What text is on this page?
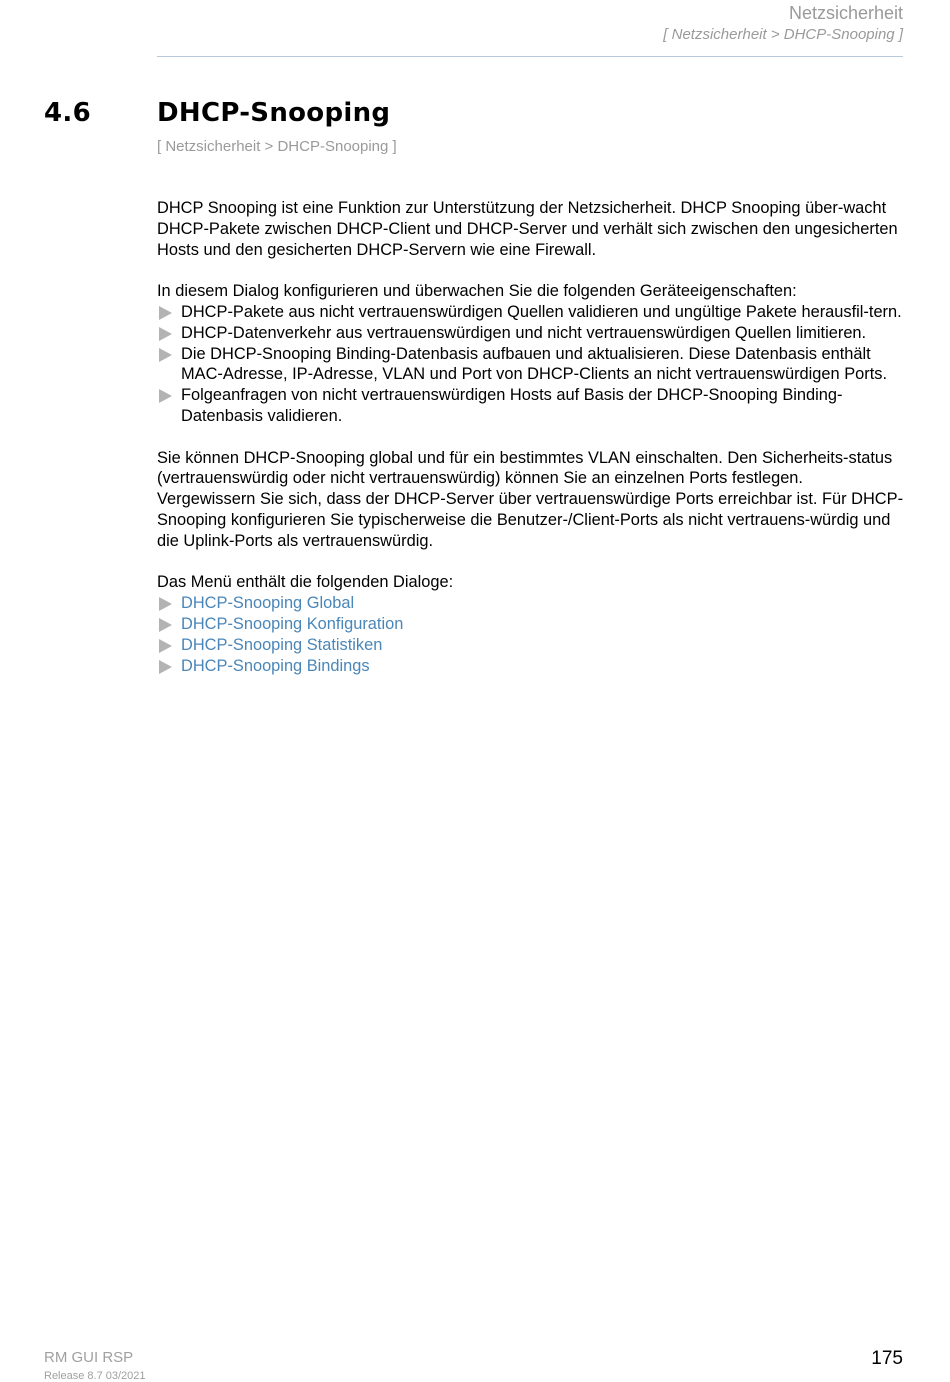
Netzsicherheit
[ Netzsicherheit > DHCP-Snooping ]
4.6	DHCP-Snooping
[ Netzsicherheit > DHCP-Snooping ]

DHCP Snooping ist eine Funktion zur Unterstützung der Netzsicherheit. DHCP Snooping über-wacht DHCP-Pakete zwischen DHCP-Client und DHCP-Server und verhält sich zwischen den ungesicherten Hosts und den gesicherten DHCP-Servern wie eine Firewall.

In diesem Dialog konfigurieren und überwachen Sie die folgenden Geräteeigenschaften:
DHCP-Pakete aus nicht vertrauenswürdigen Quellen validieren und ungültige Pakete herausfil-tern.
DHCP-Datenverkehr aus vertrauenswürdigen und nicht vertrauenswürdigen Quellen limitieren.
Die DHCP-Snooping Binding-Datenbasis aufbauen und aktualisieren. Diese Datenbasis enthält MAC-Adresse, IP-Adresse, VLAN und Port von DHCP-Clients an nicht vertrauenswürdigen Ports.
Folgeanfragen von nicht vertrauenswürdigen Hosts auf Basis der DHCP-Snooping Binding-Datenbasis validieren.

Sie können DHCP-Snooping global und für ein bestimmtes VLAN einschalten. Den Sicherheits-status (vertrauenswürdig oder nicht vertrauenswürdig) können Sie an einzelnen Ports festlegen. Vergewissern Sie sich, dass der DHCP-Server über vertrauenswürdige Ports erreichbar ist. Für DHCP-Snooping konfigurieren Sie typischerweise die Benutzer-/Client-Ports als nicht vertrauens-würdig und die Uplink-Ports als vertrauenswürdig.

Das Menü enthält die folgenden Dialoge:
DHCP-Snooping Global
DHCP-Snooping Konfiguration
DHCP-Snooping Statistiken
DHCP-Snooping Bindings
RM GUI RSP
Release 8.7 03/2021
175
